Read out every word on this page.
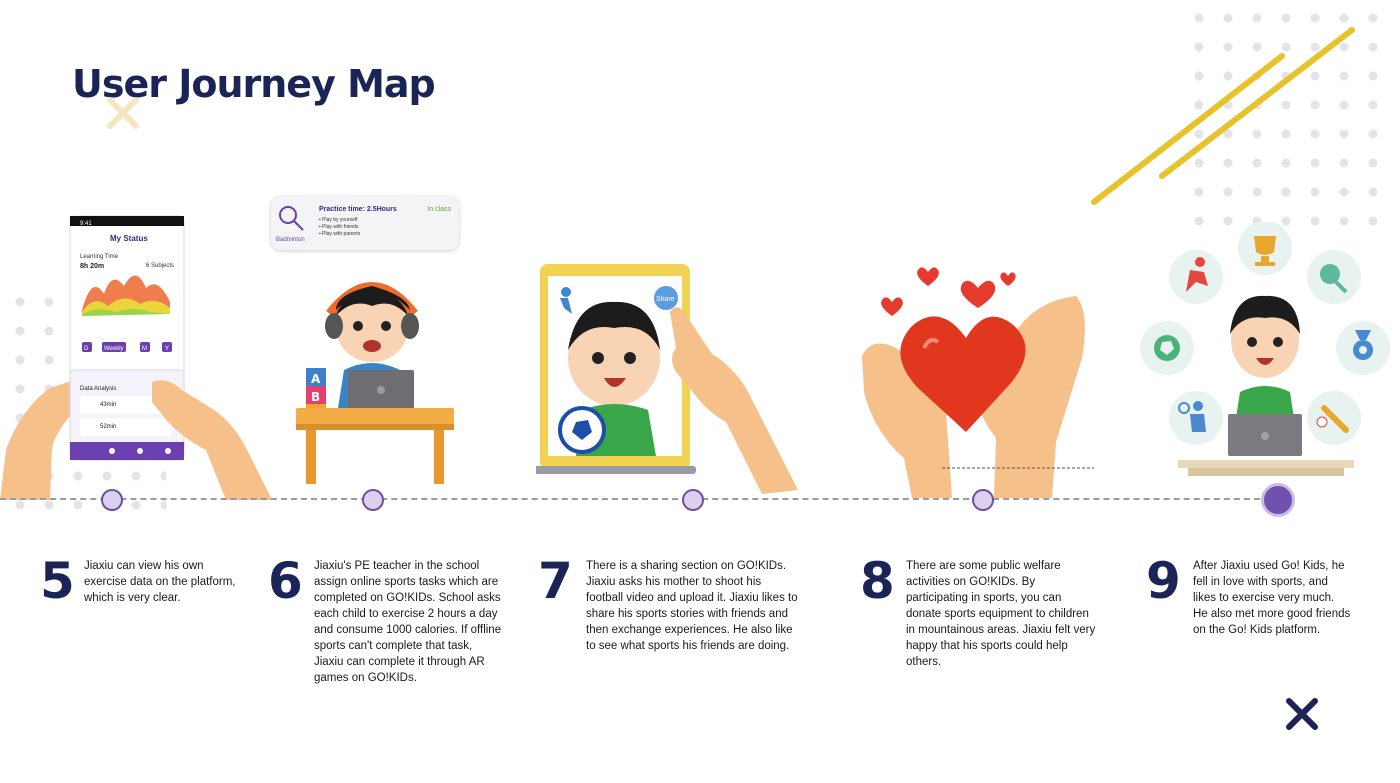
User Journey Map
9:41
My Status
Learning Time
8h 20m	6 Subjects
D	Weekly	M	Y
Data Analysis
43min
52min
Practice time: 2.5Hours	In class
• Play by yourself
• Play with friends
• Play with parents
Badminton
A
B
Share
5 Jiaxiu can view his own exercise data on the platform, which is very clear.	6 Jiaxiu's PE teacher in the school assign online sports tasks which are completed on GO!KIDs. School asks each child to exercise 2 hours a day and consume 1000 calories. If offline sports can't complete that task, Jiaxiu can complete it through AR games on GO!KIDs.
7 There is a sharing section on GO!KIDs. Jiaxiu asks his mother to shoot his football video and upload it. Jiaxiu likes to share his sports stories with friends and then exchange experiences. He also like to see what sports his friends are doing.
8 There are some public welfare activities on GO!KIDs. By participating in sports, you can donate sports equipment to children in mountainous areas. Jiaxiu felt very happy that his sports could help others.
9 After Jiaxiu used Go! Kids, he fell in love with sports, and likes to exercise very much. He also met more good friends on the Go! Kids platform.
